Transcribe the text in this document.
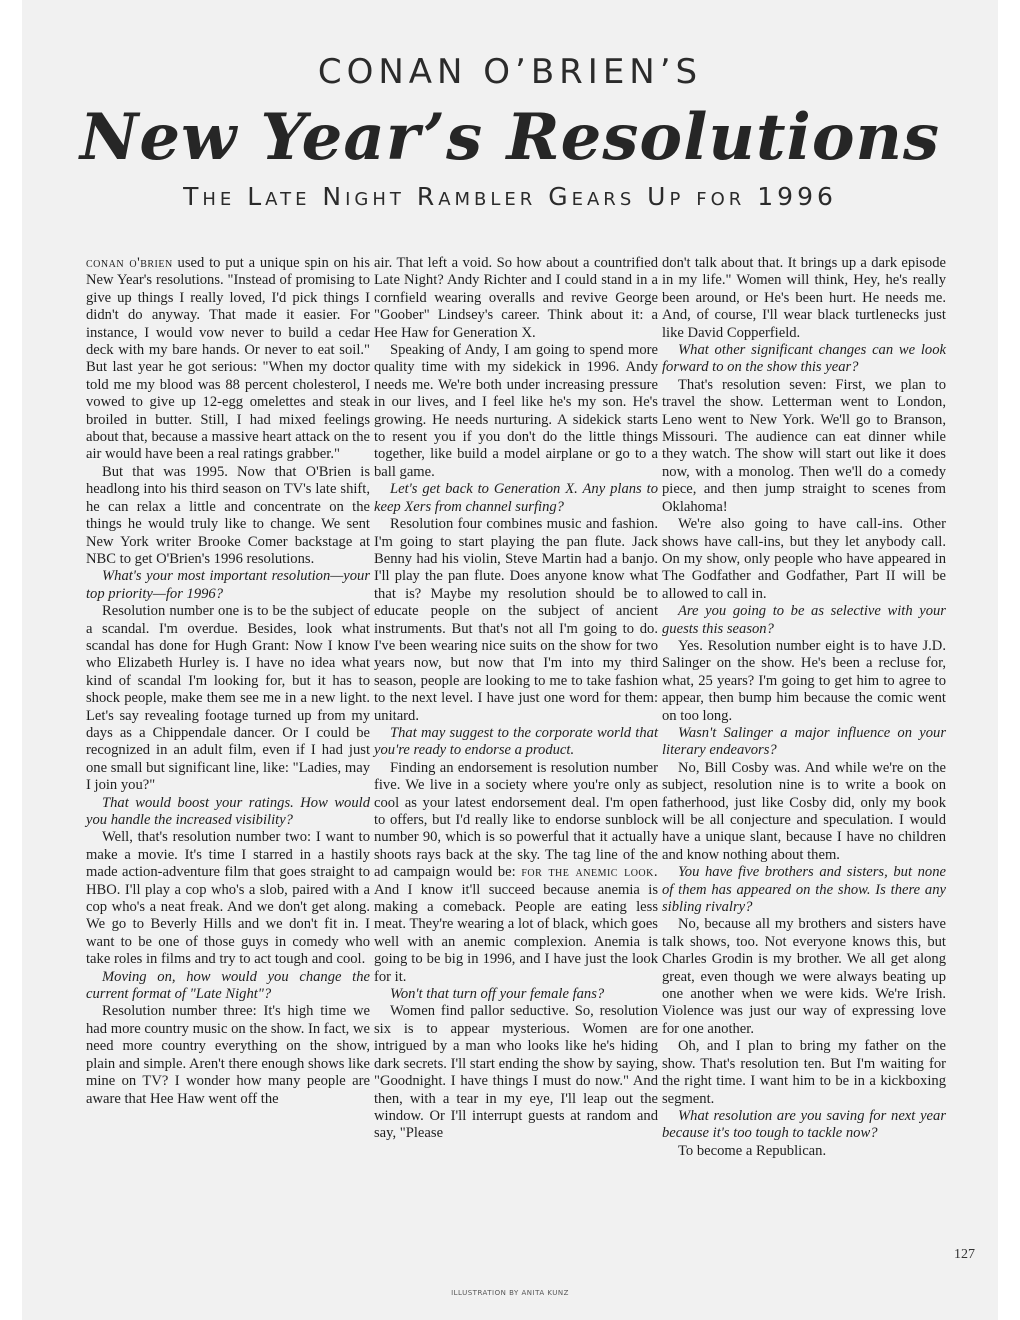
CONAN O’BRIEN’S
New Year’s Resolutions
The Late Night Rambler Gears Up for 1996

conan o'brien used to put a unique spin on his New Year's resolutions. "Instead of promising to give up things I really loved, I'd pick things I didn't do anyway. That made it easier. For instance, I would vow never to build a cedar deck with my bare hands. Or never to eat soil." But last year he got serious: "When my doctor told me my blood was 88 percent cholesterol, I vowed to give up 12-egg omelettes and steak broiled in butter. Still, I had mixed feelings about that, because a massive heart attack on the air would have been a real ratings grabber."

But that was 1995. Now that O'Brien is headlong into his third season on TV's late shift, he can relax a little and concentrate on the things he would truly like to change. We sent New York writer Brooke Comer backstage at NBC to get O'Brien's 1996 resolutions.

What's your most important resolution—your top priority—for 1996?

Resolution number one is to be the subject of a scandal. I'm overdue. Besides, look what scandal has done for Hugh Grant: Now I know who Elizabeth Hurley is. I have no idea what kind of scandal I'm looking for, but it has to shock people, make them see me in a new light. Let's say revealing footage turned up from my days as a Chippendale dancer. Or I could be recognized in an adult film, even if I had just one small but significant line, like: "Ladies, may I join you?"

That would boost your ratings. How would you handle the increased visibility?

Well, that's resolution number two: I want to make a movie. It's time I starred in a hastily made action-adventure film that goes straight to HBO. I'll play a cop who's a slob, paired with a cop who's a neat freak. And we don't get along. We go to Beverly Hills and we don't fit in. I want to be one of those guys in comedy who take roles in films and try to act tough and cool.

Moving on, how would you change the current format of "Late Night"?

Resolution number three: It's high time we had more country music on the show. In fact, we need more country everything on the show, plain and simple. Aren't there enough shows like mine on TV? I wonder how many people are aware that Hee Haw went off the

air. That left a void. So how about a countrified Late Night? Andy Richter and I could stand in a cornfield wearing overalls and revive George "Goober" Lindsey's career. Think about it: a Hee Haw for Generation X.

Speaking of Andy, I am going to spend more quality time with my sidekick in 1996. Andy needs me. We're both under increasing pressure in our lives, and I feel like he's my son. He's growing. He needs nurturing. A sidekick starts to resent you if you don't do the little things together, like build a model airplane or go to a ball game.

Let's get back to Generation X. Any plans to keep Xers from channel surfing?

Resolution four combines music and fashion. I'm going to start playing the pan flute. Jack Benny had his violin, Steve Martin had a banjo. I'll play the pan flute. Does anyone know what that is? Maybe my resolution should be to educate people on the subject of ancient instruments. But that's not all I'm going to do. I've been wearing nice suits on the show for two years now, but now that I'm into my third season, people are looking to me to take fashion to the next level. I have just one word for them: unitard.

That may suggest to the corporate world that you're ready to endorse a product.

Finding an endorsement is resolution number five. We live in a society where you're only as cool as your latest endorsement deal. I'm open to offers, but I'd really like to endorse sunblock number 90, which is so powerful that it actually shoots rays back at the sky. The tag line of the ad campaign would be: for the anemic look. And I know it'll succeed because anemia is making a comeback. People are eating less meat. They're wearing a lot of black, which goes well with an anemic complexion. Anemia is going to be big in 1996, and I have just the look for it.

Won't that turn off your female fans?

Women find pallor seductive. So, resolution six is to appear mysterious. Women are intrigued by a man who looks like he's hiding dark secrets. I'll start ending the show by saying, "Goodnight. I have things I must do now." And then, with a tear in my eye, I'll leap out the window. Or I'll interrupt guests at random and say, "Please

don't talk about that. It brings up a dark episode in my life." Women will think, Hey, he's really been around, or He's been hurt. He needs me. And, of course, I'll wear black turtlenecks just like David Copperfield.

What other significant changes can we look forward to on the show this year?

That's resolution seven: First, we plan to travel the show. Letterman went to London, Leno went to New York. We'll go to Branson, Missouri. The audience can eat dinner while they watch. The show will start out like it does now, with a monolog. Then we'll do a comedy piece, and then jump straight to scenes from Oklahoma!

We're also going to have call-ins. Other shows have call-ins, but they let anybody call. On my show, only people who have appeared in The Godfather and Godfather, Part II will be allowed to call in.

Are you going to be as selective with your guests this season?

Yes. Resolution number eight is to have J.D. Salinger on the show. He's been a recluse for, what, 25 years? I'm going to get him to agree to appear, then bump him because the comic went on too long.

Wasn't Salinger a major influence on your literary endeavors?

No, Bill Cosby was. And while we're on the subject, resolution nine is to write a book on fatherhood, just like Cosby did, only my book will be all conjecture and speculation. I would have a unique slant, because I have no children and know nothing about them.

You have five brothers and sisters, but none of them has appeared on the show. Is there any sibling rivalry?

No, because all my brothers and sisters have talk shows, too. Not everyone knows this, but Charles Grodin is my brother. We all get along great, even though we were always beating up one another when we were kids. We're Irish. Violence was just our way of expressing love for one another.

Oh, and I plan to bring my father on the show. That's resolution ten. But I'm waiting for the right time. I want him to be in a kickboxing segment.

What resolution are you saving for next year because it's too tough to tackle now?

To become a Republican.

127
ILLUSTRATION BY ANITA KUNZ
